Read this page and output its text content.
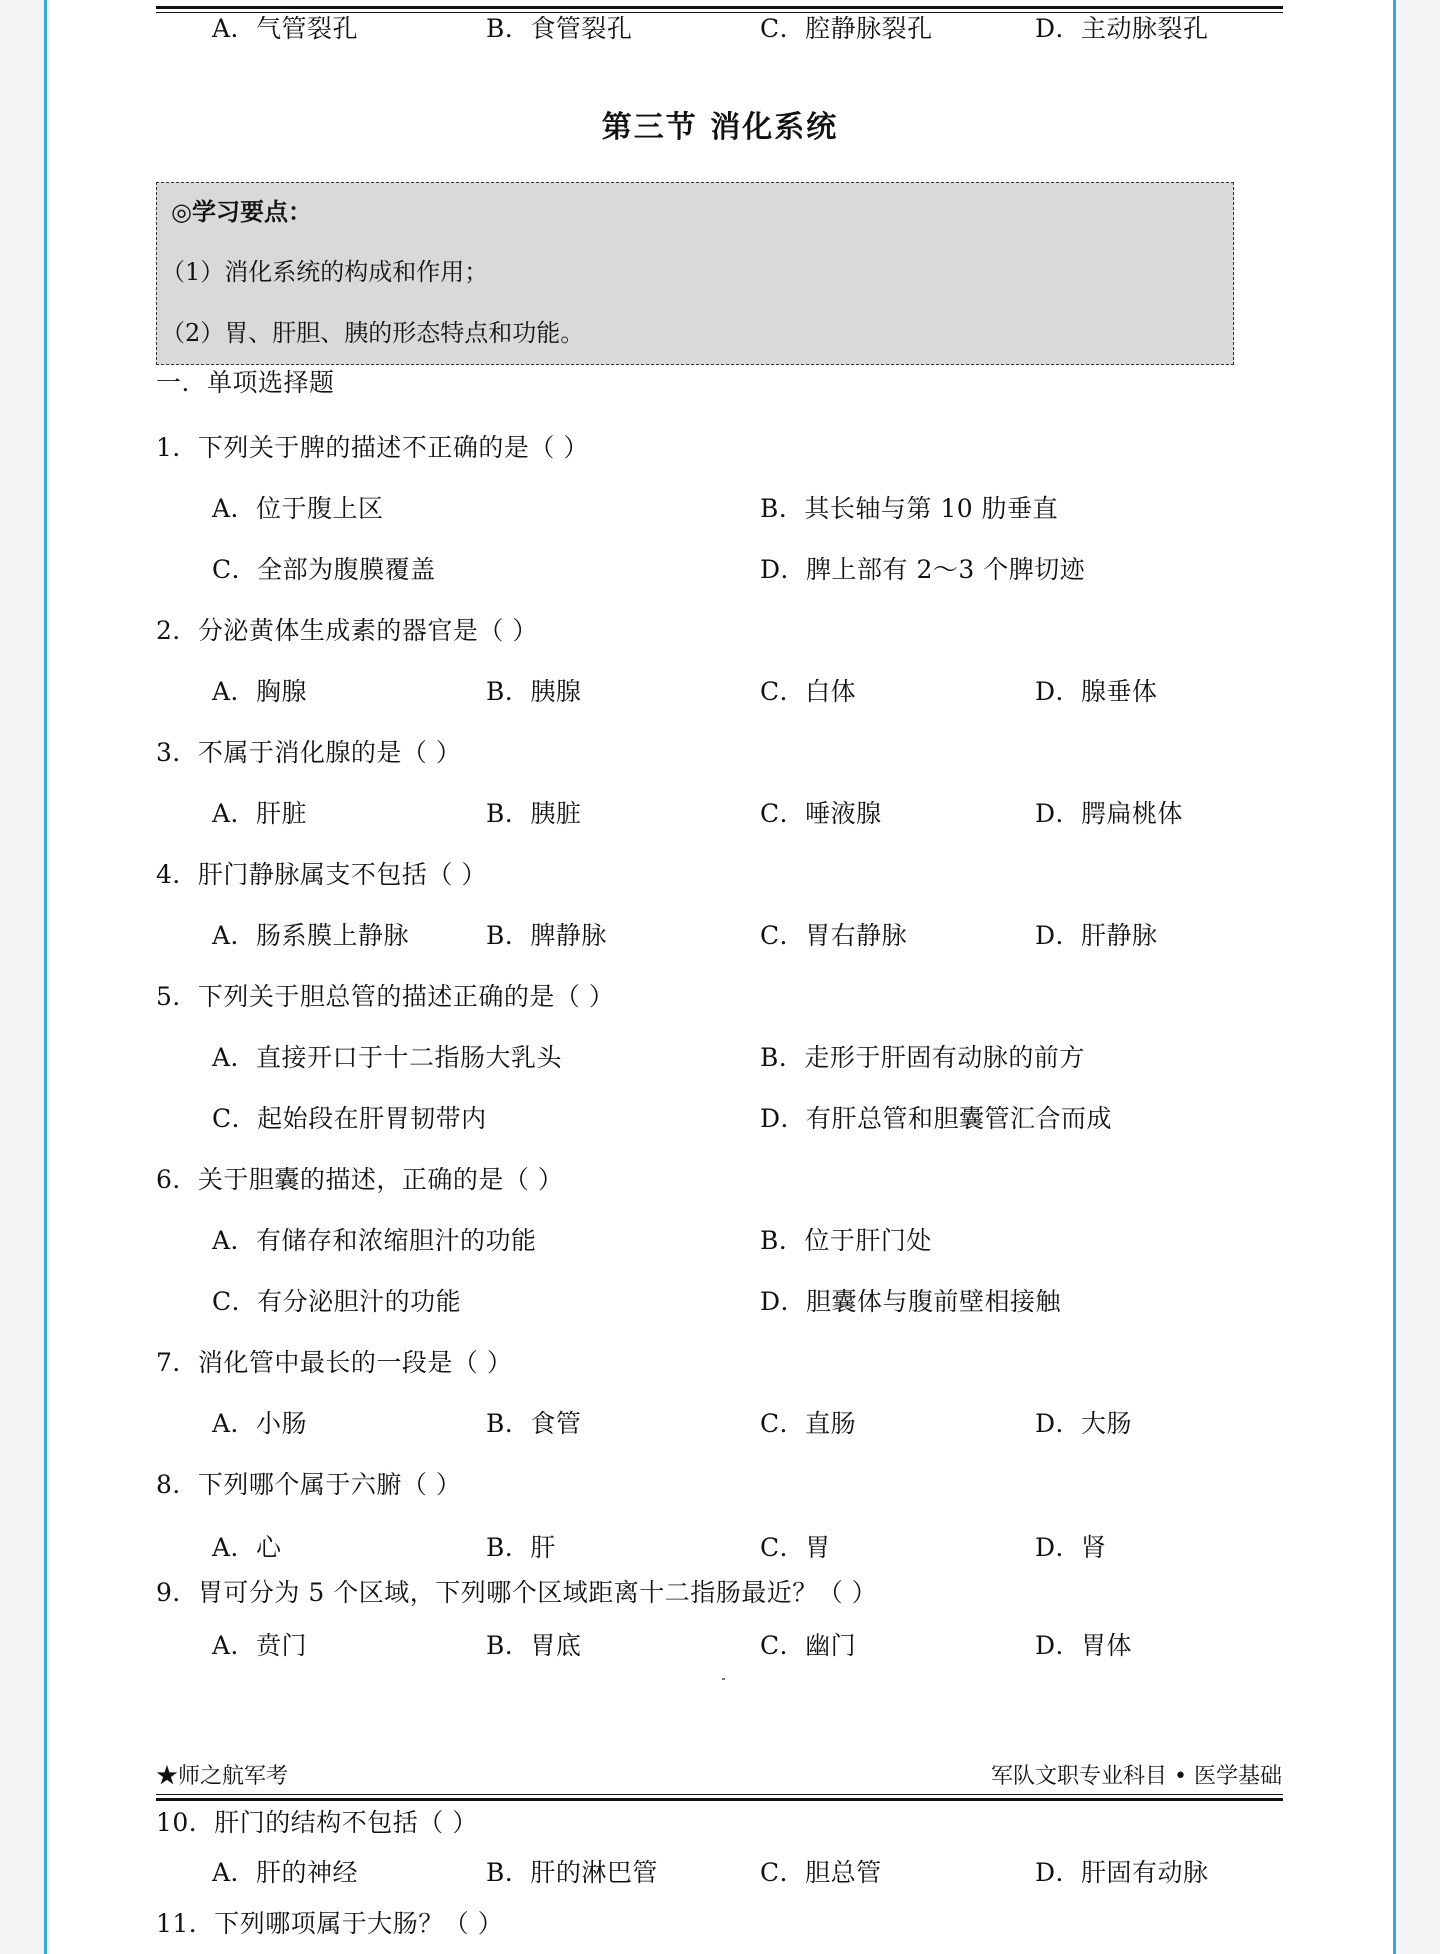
A．气管裂孔	B．食管裂孔	C．腔静脉裂孔	D．主动脉裂孔
第三节 消化系统
◎学习要点：
（1）消化系统的构成和作用；
（2）胃、肝胆、胰的形态特点和功能。
一．单项选择题
1．下列关于脾的描述不正确的是（ ）
A．位于腹上区	B．其长轴与第 10 肋垂直
C．全部为腹膜覆盖	D．脾上部有 2～3 个脾切迹
2．分泌黄体生成素的器官是（ ）
A．胸腺	B．胰腺	C．白体	D．腺垂体
3．不属于消化腺的是（ ）
A．肝脏	B．胰脏	C．唾液腺	D．腭扁桃体
4．肝门静脉属支不包括（ ）
A．肠系膜上静脉	B．脾静脉	C．胃右静脉	D．肝静脉
5．下列关于胆总管的描述正确的是（ ）
A．直接开口于十二指肠大乳头	B．走形于肝固有动脉的前方
C．起始段在肝胃韧带内	D．有肝总管和胆囊管汇合而成
6．关于胆囊的描述，正确的是（ ）
A．有储存和浓缩胆汁的功能	B．位于肝门处
C．有分泌胆汁的功能	D．胆囊体与腹前壁相接触
7．消化管中最长的一段是（ ）
A．小肠	B．食管	C．直肠	D．大肠
8．下列哪个属于六腑（ ）
A．心	B．肝	C．胃	D．肾
9．胃可分为 5 个区域，下列哪个区域距离十二指肠最近？（ ）
A．贲门	B．胃底	C．幽门	D．胃体
★师之航军考	军队文职专业科目 • 医学基础
10．肝门的结构不包括（ ）
A．肝的神经	B．肝的淋巴管	C．胆总管	D．肝固有动脉
11．下列哪项属于大肠？（ ）
